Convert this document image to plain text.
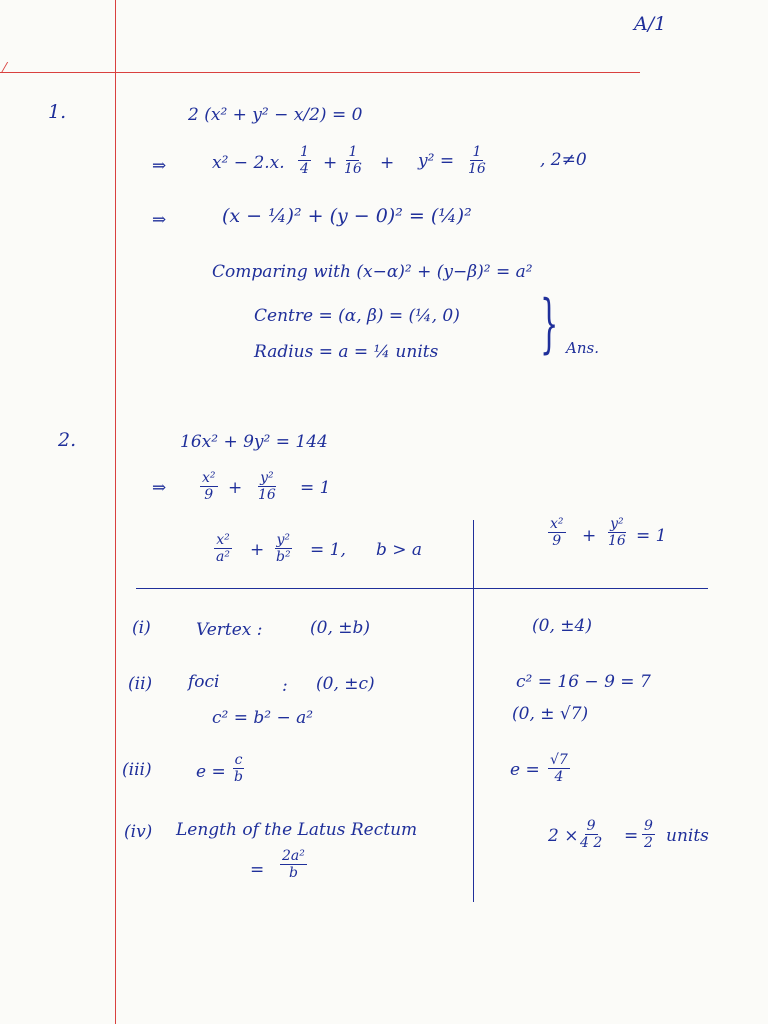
A/1
1.	2 (x² + y² − x/2) = 0
⇒	x² − 2.x. $\frac{1}{4} + \frac{1}{16} + y^2 = \frac{1}{16}$	, 2≠0
⇒	(x − ¼)² + (y − 0)² = (¼)²
Comparing with (x−α)² + (y−β)² = a²
Centre = (α, β) = (¼, 0)
Radius = a = ¼ units } Ans.
2.	16x² + 9y² = 144
⇒ $\frac{\text{x²}}{9} + \frac{\text{y²}}{16} = 1$
$\frac{\text{x²}}{\text{a²}} + \frac{\text{y²}}{\text{b²}} = 1$, b > a
$\frac{\text{x²}}{9} + \frac{\text{y²}}{16} = 1$
(i)	Vertex :	(0, ±b)	(0, ±4)
(ii) foci	: (0, ±c)
c² = b² − a²
c² = 16 − 9 = 7
(0, ± √7)
(iii)	$e = \frac{c}{b}$	$e = \frac{√7}{4}$
(iv) Length of the Latus Rectum
= $\frac{\text{2a²}}{b}$
$2 \times \frac{9}{4 2} = \frac{9}{2}$ units
